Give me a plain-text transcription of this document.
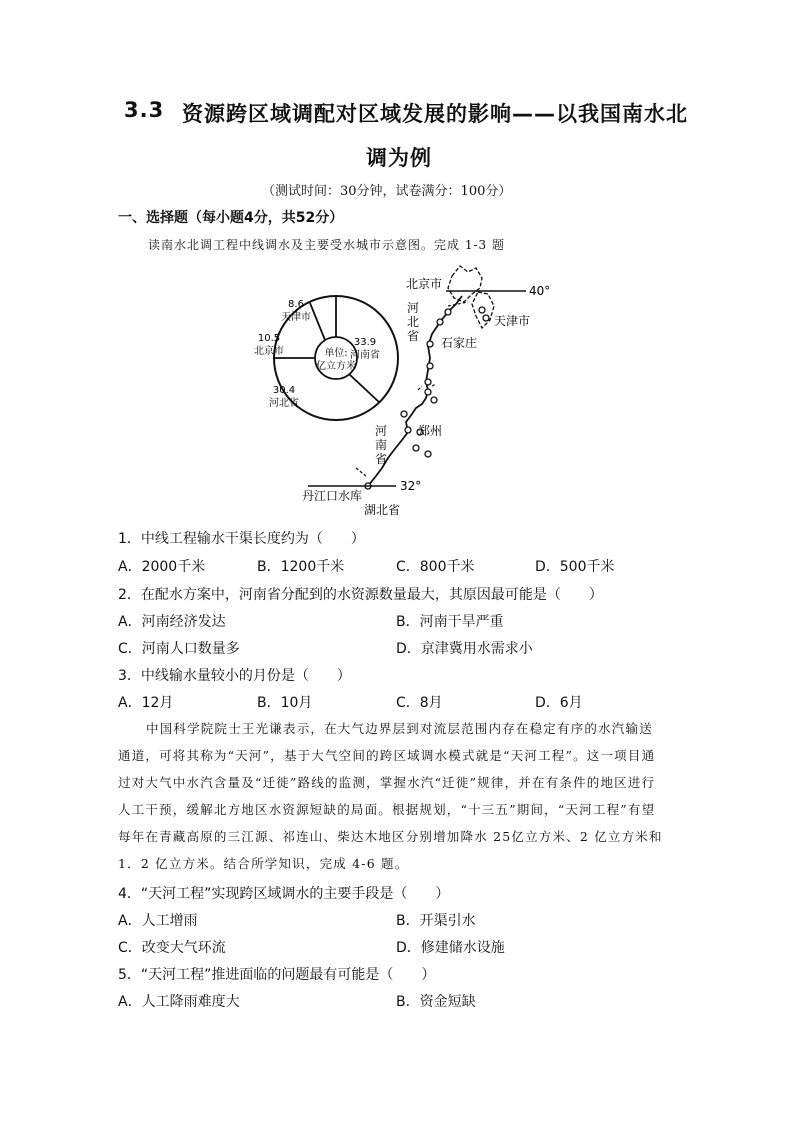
3.3 资源跨区域调配对区域发展的影响——以我国南水北
调为例
（测试时间：30分钟，试卷满分：100分）
一、选择题（每小题4分，共52分）
读南水北调工程中线调水及主要受水城市示意图。完成 1-3 题
单位:
亿立方米
8.6
天津市
33.9
河南省
30.4
河北省
10.5
北京市
40°
北京市
天津市
河
北
省 石家庄
郑州
河
南
省
32°
丹江口水库
湖北省
1．中线工程输水干渠长度约为（　　）
A．2000千米	B．1200千米	C．800千米	D．500千米
2．在配水方案中，河南省分配到的水资源数量最大，其原因最可能是（　　）
A．河南经济发达	B．河南干旱严重
C．河南人口数量多	D．京津冀用水需求小
3．中线输水量较小的月份是（　　）
A．12月	B．10月	C．8月	D．6月
中国科学院院士王光谦表示，在大气边界层到对流层范围内存在稳定有序的水汽输送
通道，可将其称为“天河”，基于大气空间的跨区域调水模式就是“天河工程”。这一项目通
过对大气中水汽含量及“迁徙”路线的监测，掌握水汽“迁徙”规律，并在有条件的地区进行
人工干预，缓解北方地区水资源短缺的局面。根据规划，“十三五”期间，“天河工程”有望
每年在青藏高原的三江源、祁连山、柴达木地区分别增加降水 25亿立方米、2 亿立方米和
1．2 亿立方米。结合所学知识，完成 4-6 题。
4．“天河工程”实现跨区域调水的主要手段是（　　）
A．人工增雨	B．开渠引水
C．改变大气环流	D．修建储水设施
5．“天河工程”推进面临的问题最有可能是（　　）
A．人工降雨难度大	B．资金短缺
